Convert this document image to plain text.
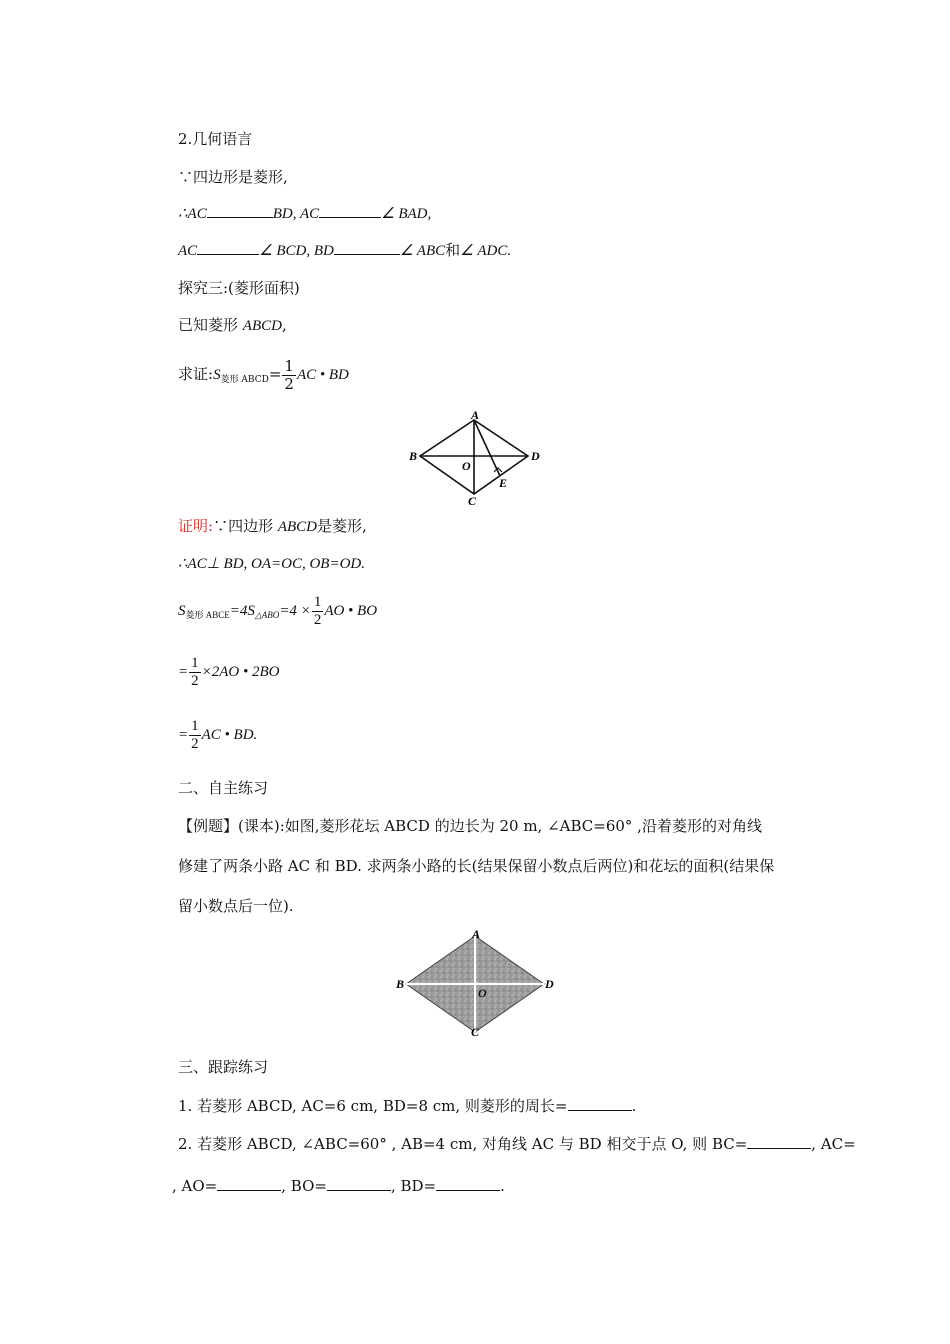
2.几何语言
∵四边形是菱形,
∴AC	BD, AC	∠ BAD,
AC	∠ BCD, BD	∠ ABC和∠ ADC.
探究三:(菱形面积)
已知菱形 ABCD,
求证$:S_{菱形 ABCD}= \frac{1}{2}$ AC • BD
A
B
C
D
O
E
证明:∵四边形 ABCD是菱形,
∴AC⊥ BD, OA=OC, OB=OD.
$S_{菱形 ABCE}=4S_{\triangle ABO}=4 \times \frac{1}{2}$ AO • BO
= $\frac{1}{2} \times 2AO$ • 2BO
= $\frac{1}{2}$ AC • BD.
二、自主练习
【例题】(课本):如图,菱形花坛 ABCD 的边长为 20 m, ∠ABC=60° ,沿着菱形的对角线
修建了两条小路 AC 和 BD. 求两条小路的长(结果保留小数点后两位)和花坛的面积(结果保
留小数点后一位).
A
B
C
D
O
三、跟踪练习
1. 若菱形 ABCD, AC=6 cm, BD=8 cm, 则菱形的周长=	.
2. 若菱形 ABCD, ∠ABC=60° , AB=4 cm, 对角线 AC 与 BD 相交于点 O, 则 BC=	, AC=
, AO=	, BO=	, BD=	.
